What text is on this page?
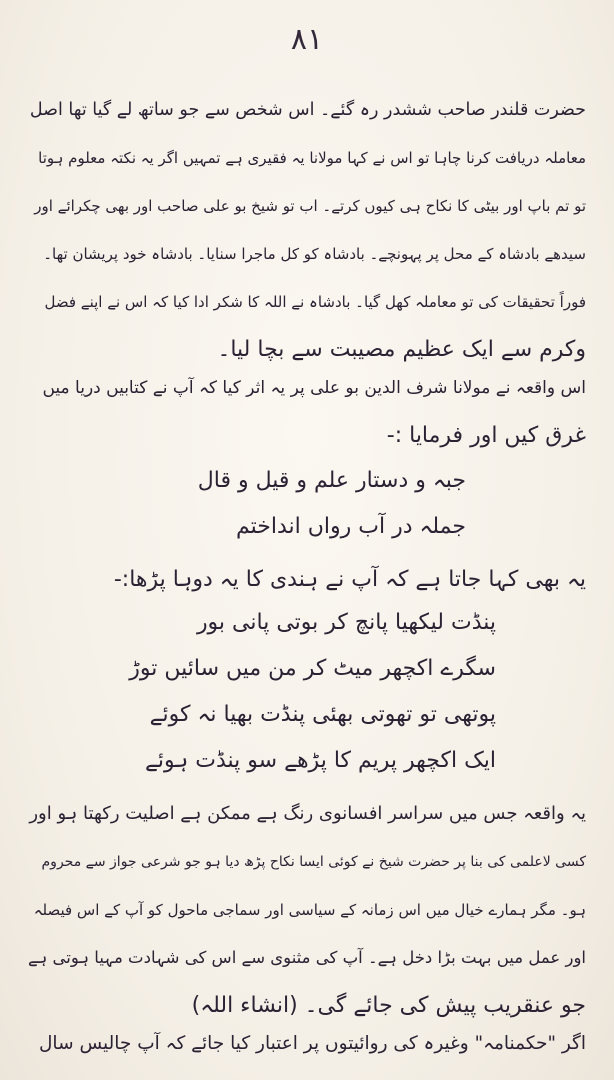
۸۱
حضرت قلندر صاحب ششدر رہ گئے۔ اس شخص سے جو ساتھ لے گیا تھا اصل
معاملہ دریافت کرنا چاہا تو اس نے کہا مولانا یہ فقیری ہے تمہیں اگر یہ نکتہ معلوم ہوتا
تو تم باپ اور بیٹی کا نکاح ہی کیوں کرتے۔ اب تو شیخ بو علی صاحب اور بھی چکرائے اور
سیدھے بادشاہ کے محل پر پہونچے۔ بادشاہ کو کل ماجرا سنایا۔ بادشاہ خود پریشان تھا۔
فوراً تحقیقات کی تو معاملہ کھل گیا۔ بادشاہ نے اللہ کا شکر ادا کیا کہ اس نے اپنے فضل
وکرم سے ایک عظیم مصیبت سے بچا لیا۔
اس واقعہ نے مولانا شرف الدین بو علی پر یہ اثر کیا کہ آپ نے کتابیں دریا میں
غرق کیں اور فرمایا :-
جبہ و دستار علم و قیل و قال
جملہ در آب رواں انداختم
یہ بھی کہا جاتا ہے کہ آپ نے ہندی کا یہ دوہا پڑھا:-
پنڈت لیکھیا پانچ کر بوتی پانی بور
سگرے اکچھر میٹ کر من میں سائیں توڑ
پوتھی تو تھوتی بھئی پنڈت بھیا نہ کوئے
ایک اکچھر پریم کا پڑھے سو پنڈت ہوئے
یہ واقعہ جس میں سراسر افسانوی رنگ ہے ممکن ہے اصلیت رکھتا ہو اور
کسی لاعلمی کی بنا پر حضرت شیخ نے کوئی ایسا نکاح پڑھ دیا ہو جو شرعی جواز سے محروم
ہو۔ مگر ہمارے خیال میں اس زمانہ کے سیاسی اور سماجی ماحول کو آپ کے اس فیصلہ
اور عمل میں بہت بڑا دخل ہے۔ آپ کی مثنوی سے اس کی شہادت مہیا ہوتی ہے
جو عنقریب پیش کی جائے گی۔ (انشاء اللہ)
اگر "حکمنامہ" وغیرہ کی روائیتوں پر اعتبار کیا جائے کہ آپ چالیس سال
